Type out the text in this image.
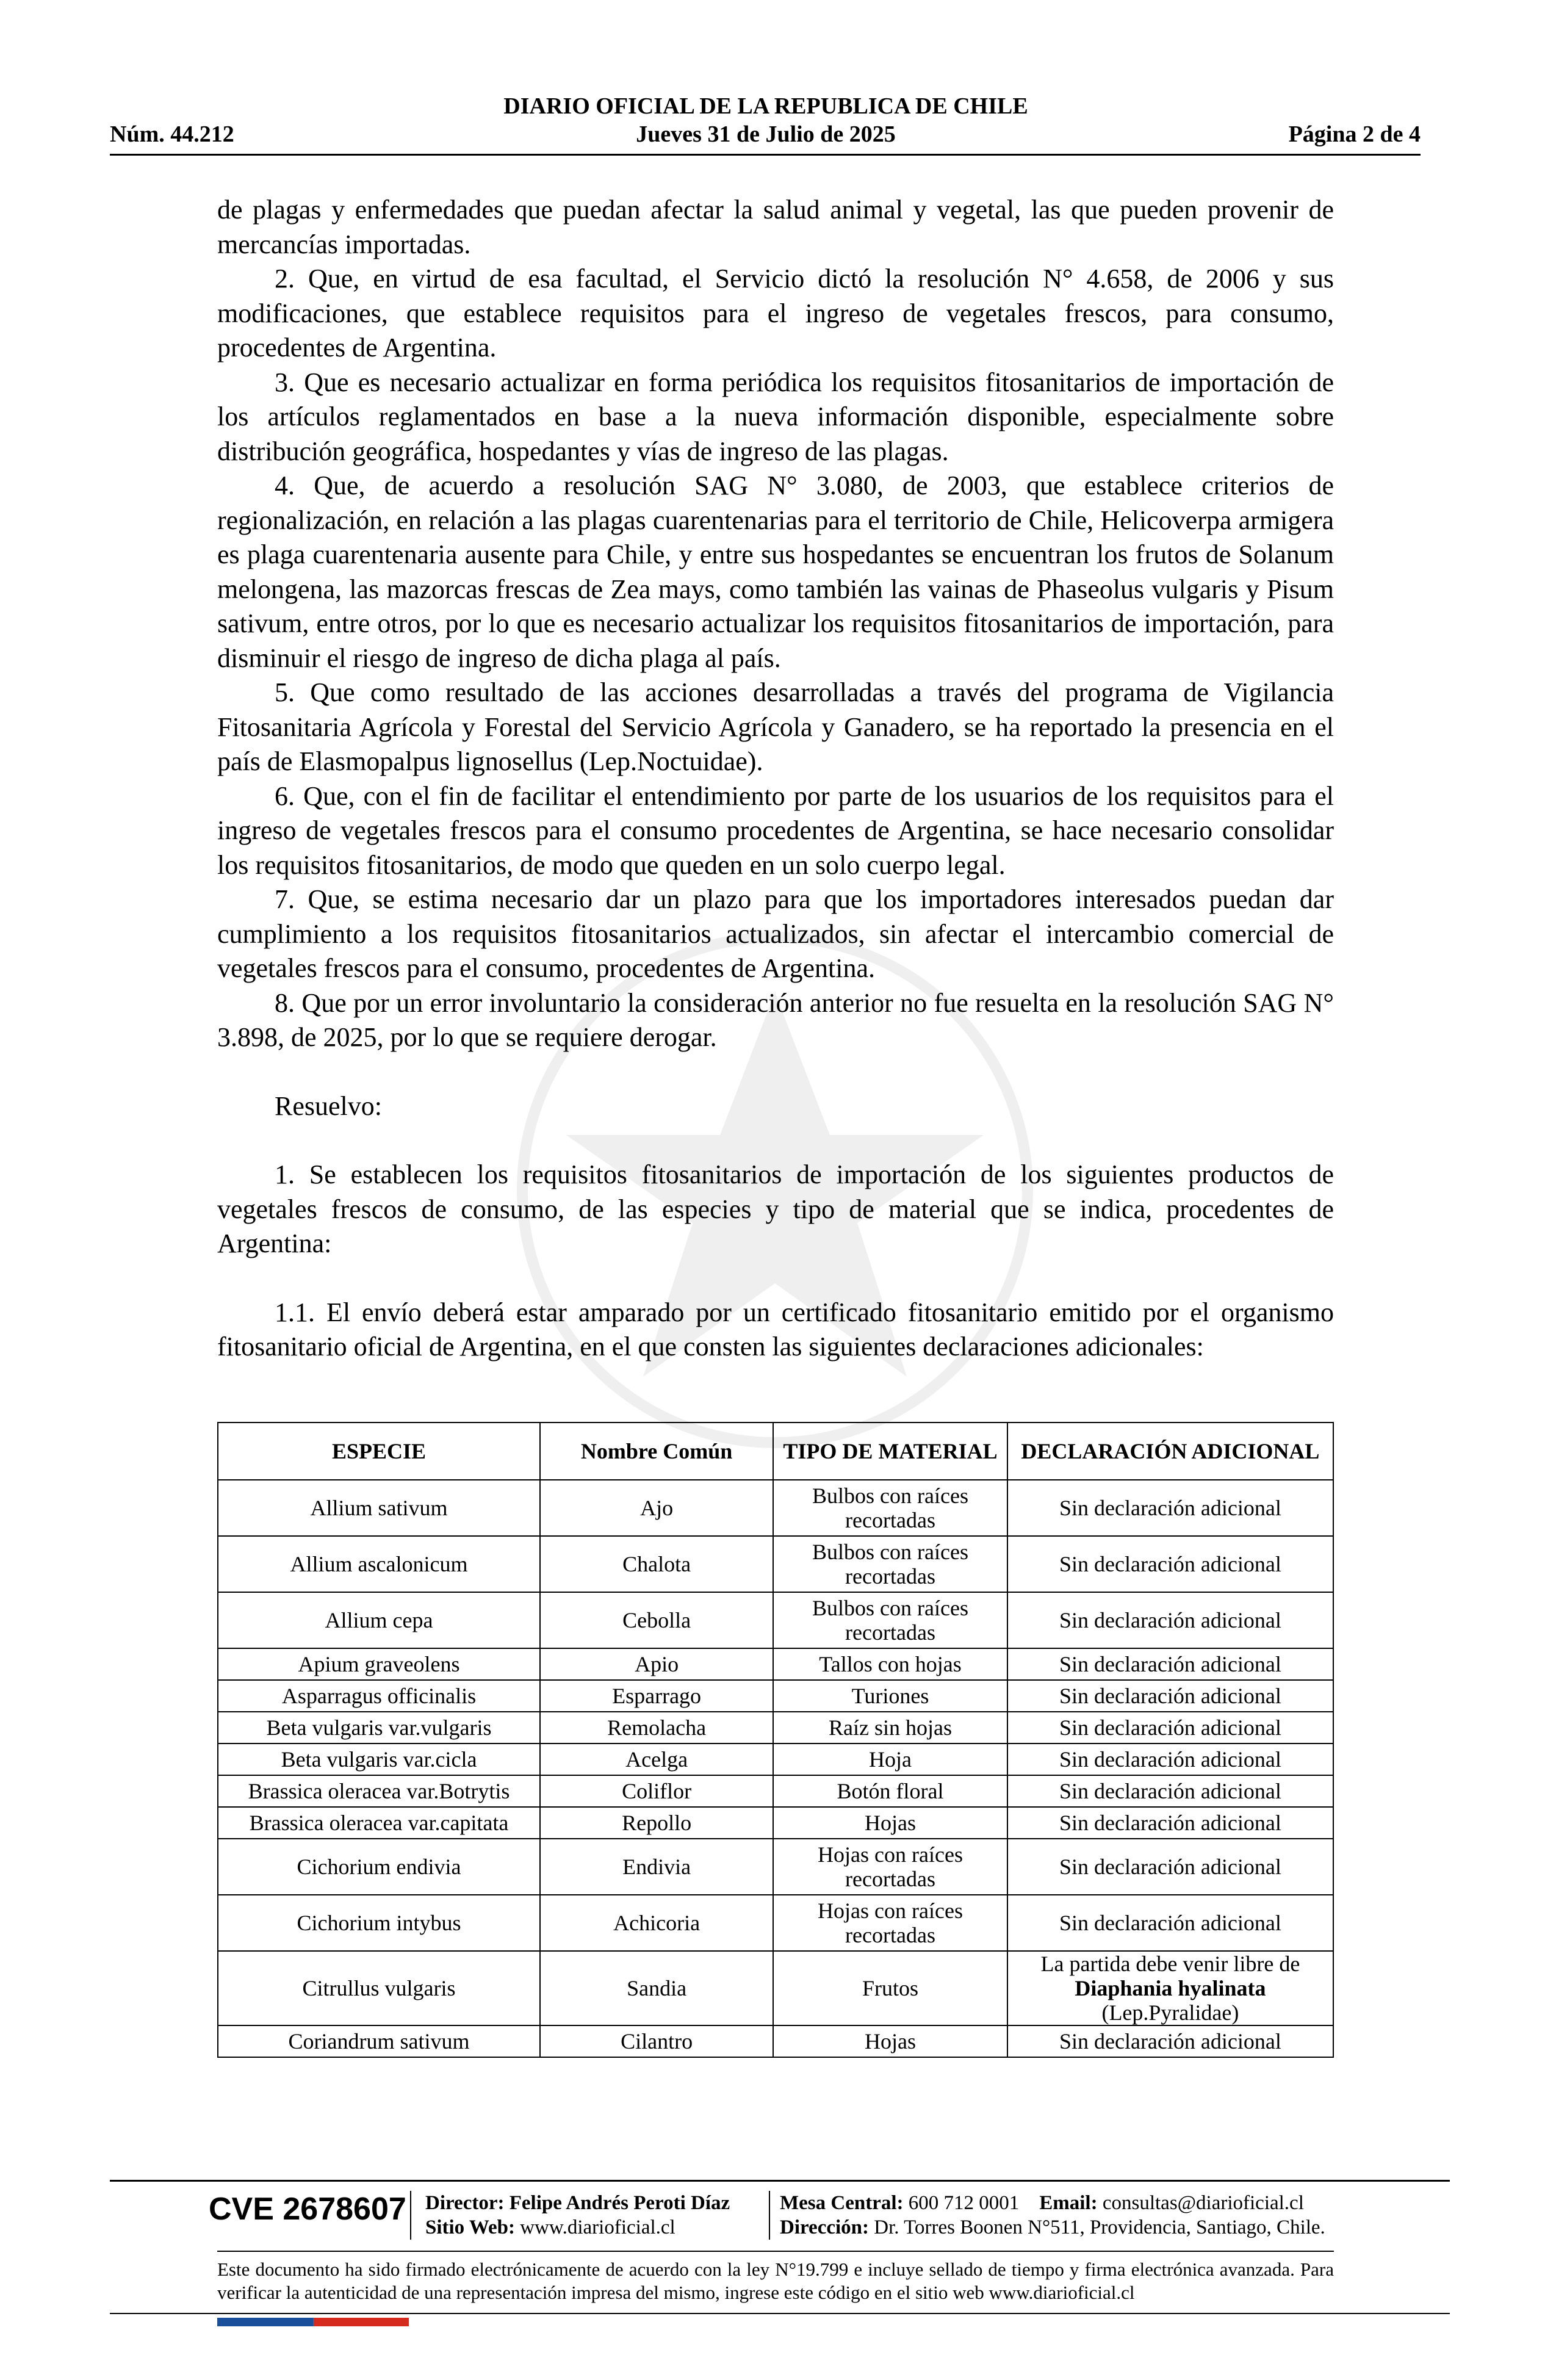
DIARIO OFICIAL DE LA REPUBLICA DE CHILE
Núm. 44.212	Jueves 31 de Julio de 2025	Página 2 de 4

de plagas y enfermedades que puedan afectar la salud animal y vegetal, las que pueden provenir de mercancías importadas.

2. Que, en virtud de esa facultad, el Servicio dictó la resolución N° 4.658, de 2006 y sus modificaciones, que establece requisitos para el ingreso de vegetales frescos, para consumo, procedentes de Argentina.

3. Que es necesario actualizar en forma periódica los requisitos fitosanitarios de importación de los artículos reglamentados en base a la nueva información disponible, especialmente sobre distribución geográfica, hospedantes y vías de ingreso de las plagas.

4. Que, de acuerdo a resolución SAG N° 3.080, de 2003, que establece criterios de regionalización, en relación a las plagas cuarentenarias para el territorio de Chile, Helicoverpa armigera es plaga cuarentenaria ausente para Chile, y entre sus hospedantes se encuentran los frutos de Solanum melongena, las mazorcas frescas de Zea mays, como también las vainas de Phaseolus vulgaris y Pisum sativum, entre otros, por lo que es necesario actualizar los requisitos fitosanitarios de importación, para disminuir el riesgo de ingreso de dicha plaga al país.

5. Que como resultado de las acciones desarrolladas a través del programa de Vigilancia Fitosanitaria Agrícola y Forestal del Servicio Agrícola y Ganadero, se ha reportado la presencia en el país de Elasmopalpus lignosellus (Lep.Noctuidae).

6. Que, con el fin de facilitar el entendimiento por parte de los usuarios de los requisitos para el ingreso de vegetales frescos para el consumo procedentes de Argentina, se hace necesario consolidar los requisitos fitosanitarios, de modo que queden en un solo cuerpo legal.

7. Que, se estima necesario dar un plazo para que los importadores interesados puedan dar cumplimiento a los requisitos fitosanitarios actualizados, sin afectar el intercambio comercial de vegetales frescos para el consumo, procedentes de Argentina.

8. Que por un error involuntario la consideración anterior no fue resuelta en la resolución SAG N° 3.898, de 2025, por lo que se requiere derogar.

Resuelvo:

1. Se establecen los requisitos fitosanitarios de importación de los siguientes productos de vegetales frescos de consumo, de las especies y tipo de material que se indica, procedentes de Argentina:

1.1. El envío deberá estar amparado por un certificado fitosanitario emitido por el organismo fitosanitario oficial de Argentina, en el que consten las siguientes declaraciones adicionales:

ESPECIE	Nombre Común	TIPO DE MATERIAL	DECLARACIÓN ADICIONAL
Allium sativum	Ajo	Bulbos con raíces recortadas	Sin declaración adicional
Allium ascalonicum	Chalota	Bulbos con raíces recortadas	Sin declaración adicional
Allium cepa	Cebolla	Bulbos con raíces recortadas	Sin declaración adicional
Apium graveolens	Apio	Tallos con hojas	Sin declaración adicional
Asparragus officinalis	Esparrago	Turiones	Sin declaración adicional
Beta vulgaris var.vulgaris	Remolacha	Raíz sin hojas	Sin declaración adicional
Beta vulgaris var.cicla	Acelga	Hoja	Sin declaración adicional
Brassica oleracea var.Botrytis	Coliflor	Botón floral	Sin declaración adicional
Brassica oleracea var.capitata	Repollo	Hojas	Sin declaración adicional
Cichorium endivia	Endivia	Hojas con raíces recortadas	Sin declaración adicional
Cichorium intybus	Achicoria	Hojas con raíces recortadas	Sin declaración adicional
Citrullus vulgaris	Sandia	Frutos	La partida debe venir libre de
Diaphania hyalinata
(Lep.Pyralidae)
Coriandrum sativum	Cilantro	Hojas	Sin declaración adicional
CVE 2678607 Director: Felipe Andrés Peroti Díaz
Sitio Web: www.diarioficial.cl
Mesa Central: 600 712 0001 Email: consultas@diarioficial.cl
Dirección: Dr. Torres Boonen N°511, Providencia, Santiago, Chile.
Este documento ha sido firmado electrónicamente de acuerdo con la ley N°19.799 e incluye sellado de tiempo y firma electrónica avanzada. Para verificar la autenticidad de una representación impresa del mismo, ingrese este código en el sitio web www.diarioficial.cl
